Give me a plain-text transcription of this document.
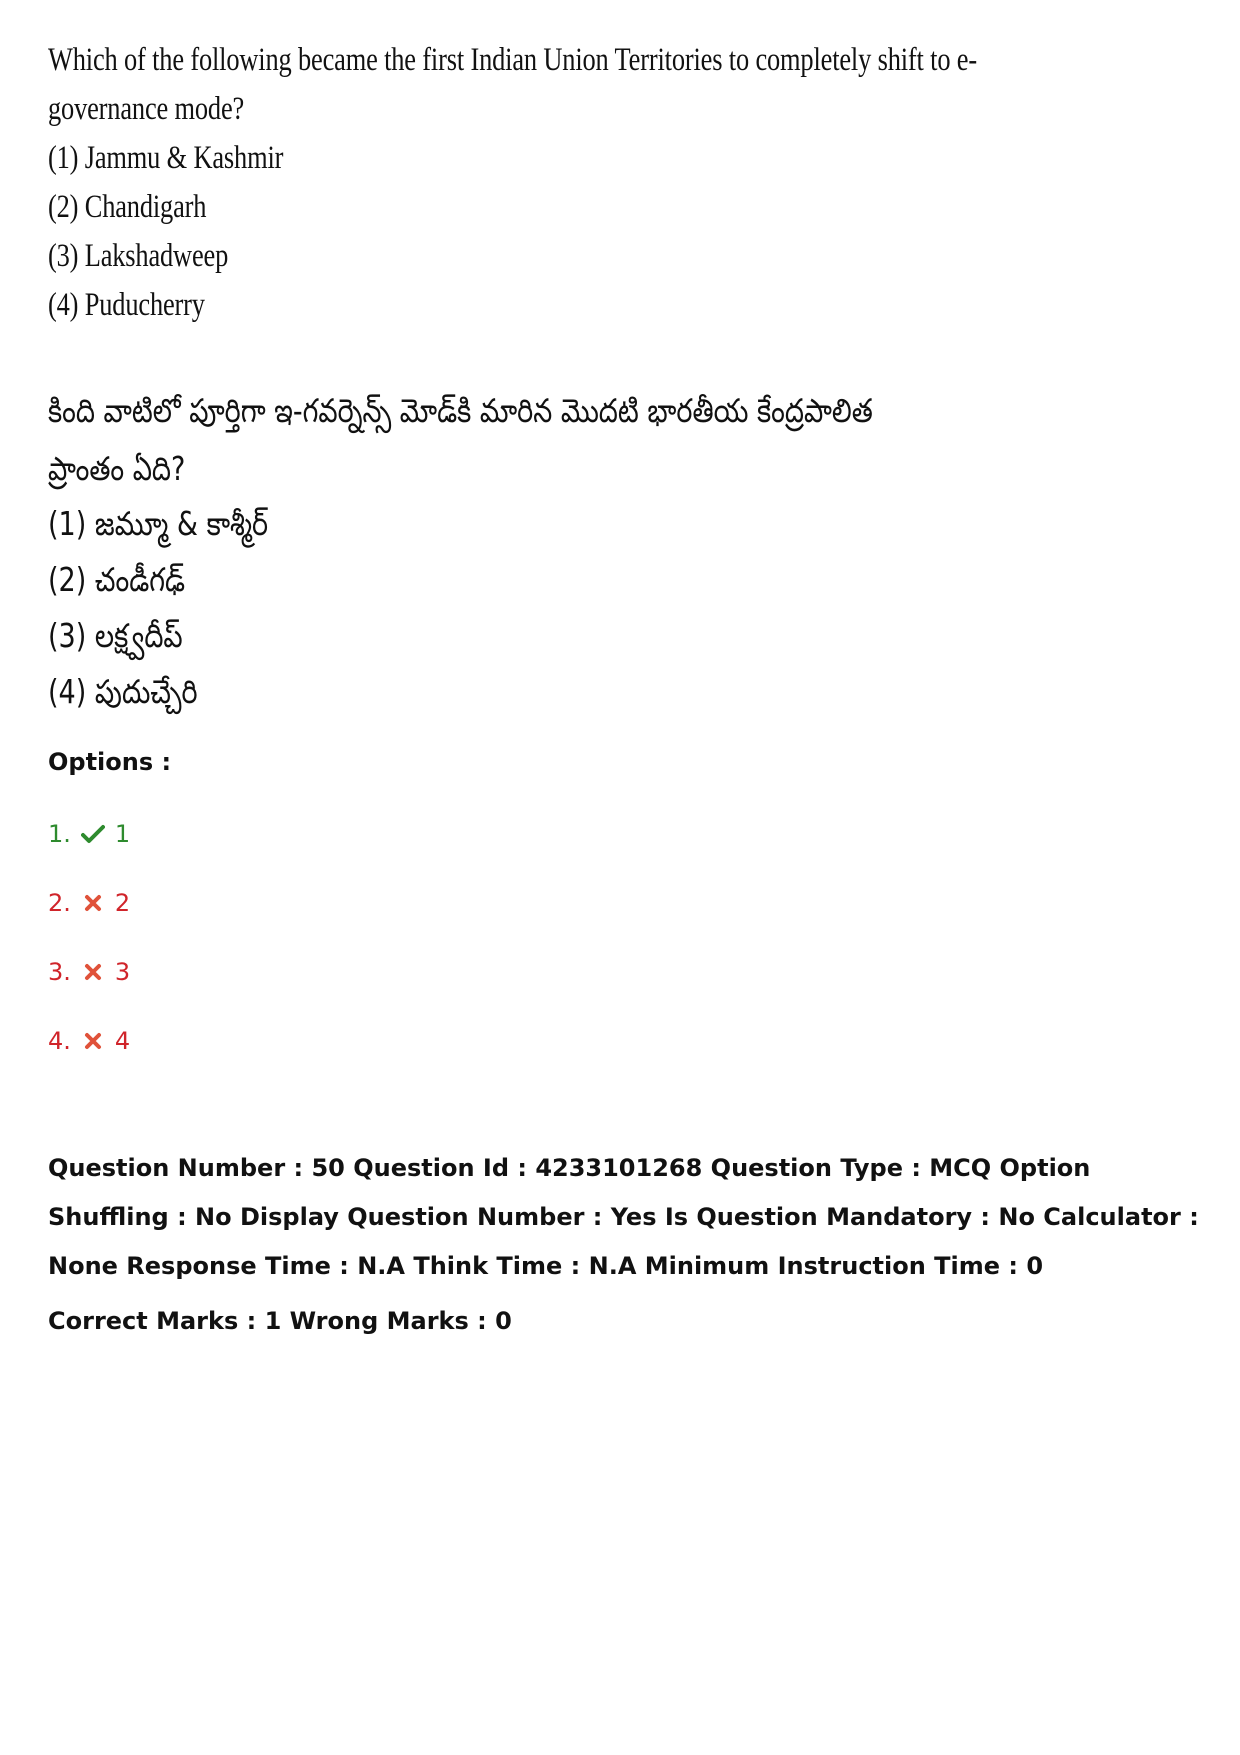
Which of the following became the first Indian Union Territories to completely shift to e-
governance mode?
(1) Jammu & Kashmir
(2) Chandigarh
(3) Lakshadweep
(4) Puducherry
కింది వాటిలో పూర్తిగా ఇ-గవర్నెన్స్ మోడ్‌కి మారిన మొదటి భారతీయ కేంద్రపాలిత
ప్రాంతం ఏది?
(1) జమ్మూ & కాశ్మీర్
(2) చండీగఢ్
(3) లక్ష్వదీప్
(4) పుదుచ్చేరి
Options :
1. 1
2. 2
3. 3
4. 4
Question Number : 50 Question Id : 4233101268 Question Type : MCQ Option Shuffling : No Display Question Number : Yes Is Question Mandatory : No Calculator : None Response Time : N.A Think Time : N.A Minimum Instruction Time : 0
Correct Marks : 1 Wrong Marks : 0
